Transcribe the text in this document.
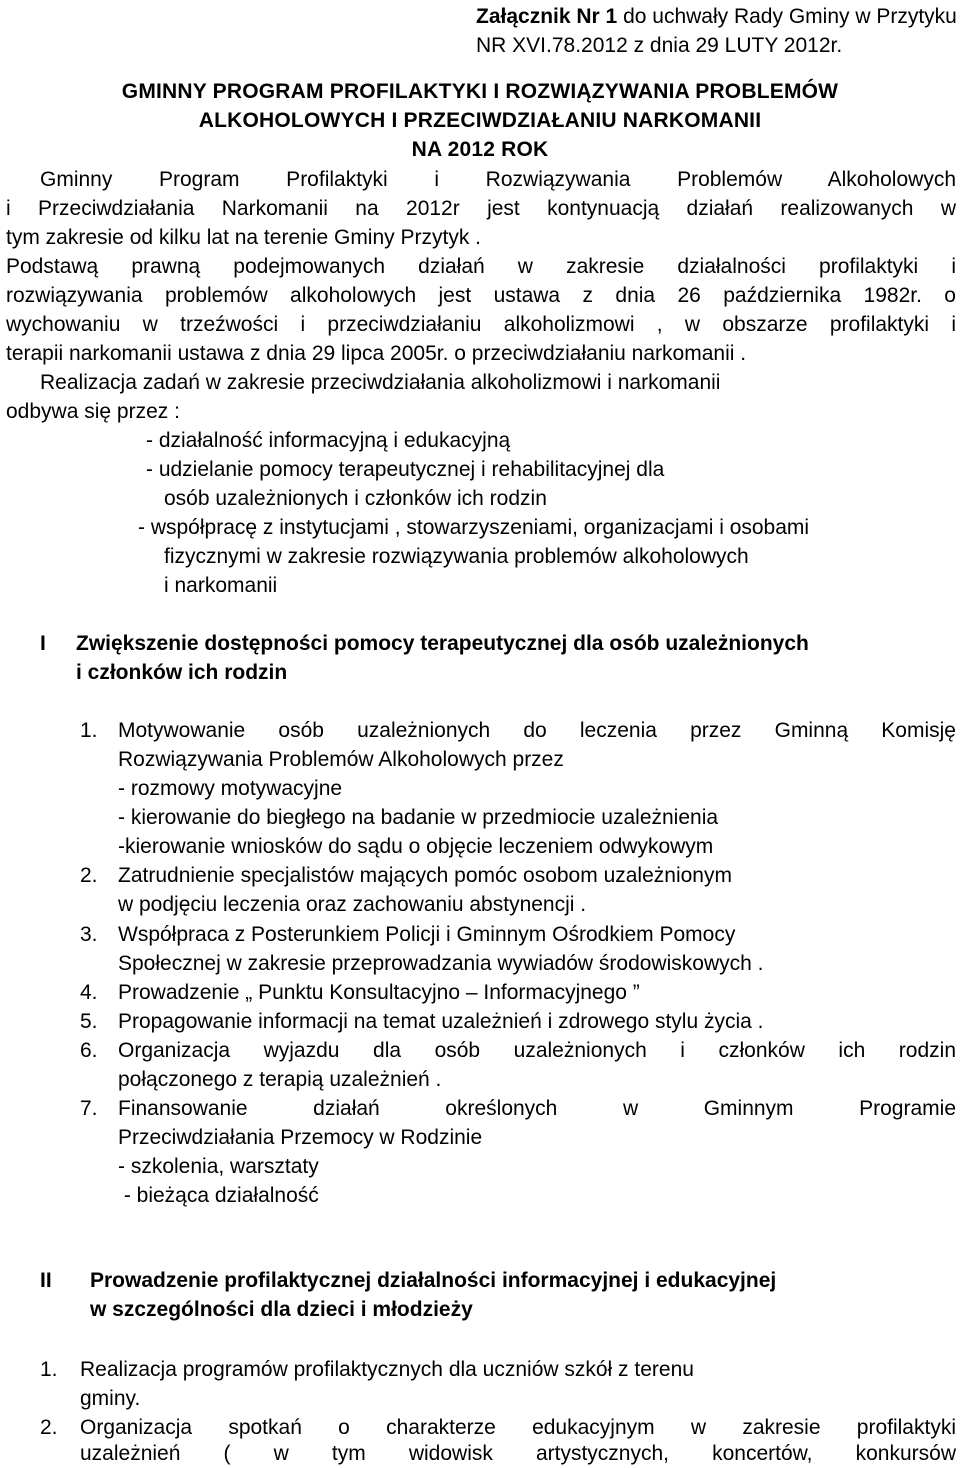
Załącznik Nr 1 do uchwały Rady Gminy w Przytyku
NR XVI.78.2012 z dnia 29 LUTY 2012r.
GMINNY PROGRAM PROFILAKTYKI I ROZWIĄZYWANIA PROBLEMÓW
ALKOHOLOWYCH I PRZECIWDZIAŁANIU NARKOMANII
NA 2012 ROK
Gminny Program Profilaktyki i Rozwiązywania Problemów Alkoholowych
i Przeciwdziałania Narkomanii na 2012r jest kontynuacją działań realizowanych w
tym zakresie od kilku lat na terenie Gminy Przytyk .
Podstawą prawną podejmowanych działań w zakresie działalności profilaktyki i
rozwiązywania problemów alkoholowych jest ustawa z dnia 26 października 1982r. o
wychowaniu w trzeźwości i przeciwdziałaniu alkoholizmowi , w obszarze profilaktyki i
terapii narkomanii ustawa z dnia 29 lipca 2005r. o przeciwdziałaniu narkomanii .
Realizacja zadań w zakresie przeciwdziałania alkoholizmowi i narkomanii
odbywa się przez :
- działalność informacyjną i edukacyjną
- udzielanie pomocy terapeutycznej i rehabilitacyjnej dla
osób uzależnionych i członków ich rodzin
- współpracę z instytucjami , stowarzyszeniami, organizacjami i osobami
fizycznymi w zakresie rozwiązywania problemów alkoholowych
i narkomanii
I Zwiększenie dostępności pomocy terapeutycznej dla osób uzależnionych
i członków ich rodzin
1. Motywowanie osób uzależnionych do leczenia przez Gminną Komisję
Rozwiązywania Problemów Alkoholowych przez
- rozmowy motywacyjne
- kierowanie do biegłego na badanie w przedmiocie uzależnienia
-kierowanie wniosków do sądu o objęcie leczeniem odwykowym
2. Zatrudnienie specjalistów mających pomóc osobom uzależnionym
w podjęciu leczenia oraz zachowaniu abstynencji .
3. Współpraca z Posterunkiem Policji i Gminnym Ośrodkiem Pomocy
Społecznej w zakresie przeprowadzania wywiadów środowiskowych .
4. Prowadzenie „ Punktu Konsultacyjno – Informacyjnego ”
5. Propagowanie informacji na temat uzależnień i zdrowego stylu życia .
6. Organizacja wyjazdu dla osób uzależnionych i członków ich rodzin
połączonego z terapią uzależnień .
7. Finansowanie działań określonych w Gminnym Programie
Przeciwdziałania Przemocy w Rodzinie
- szkolenia, warsztaty
- bieżąca działalność
II Prowadzenie profilaktycznej działalności informacyjnej i edukacyjnej
w szczególności dla dzieci i młodzieży
1. Realizacja programów profilaktycznych dla uczniów szkół z terenu
gminy.
2. Organizacja spotkań o charakterze edukacyjnym w zakresie profilaktyki
uzależnień ( w tym widowisk artystycznych, koncertów, konkursów
